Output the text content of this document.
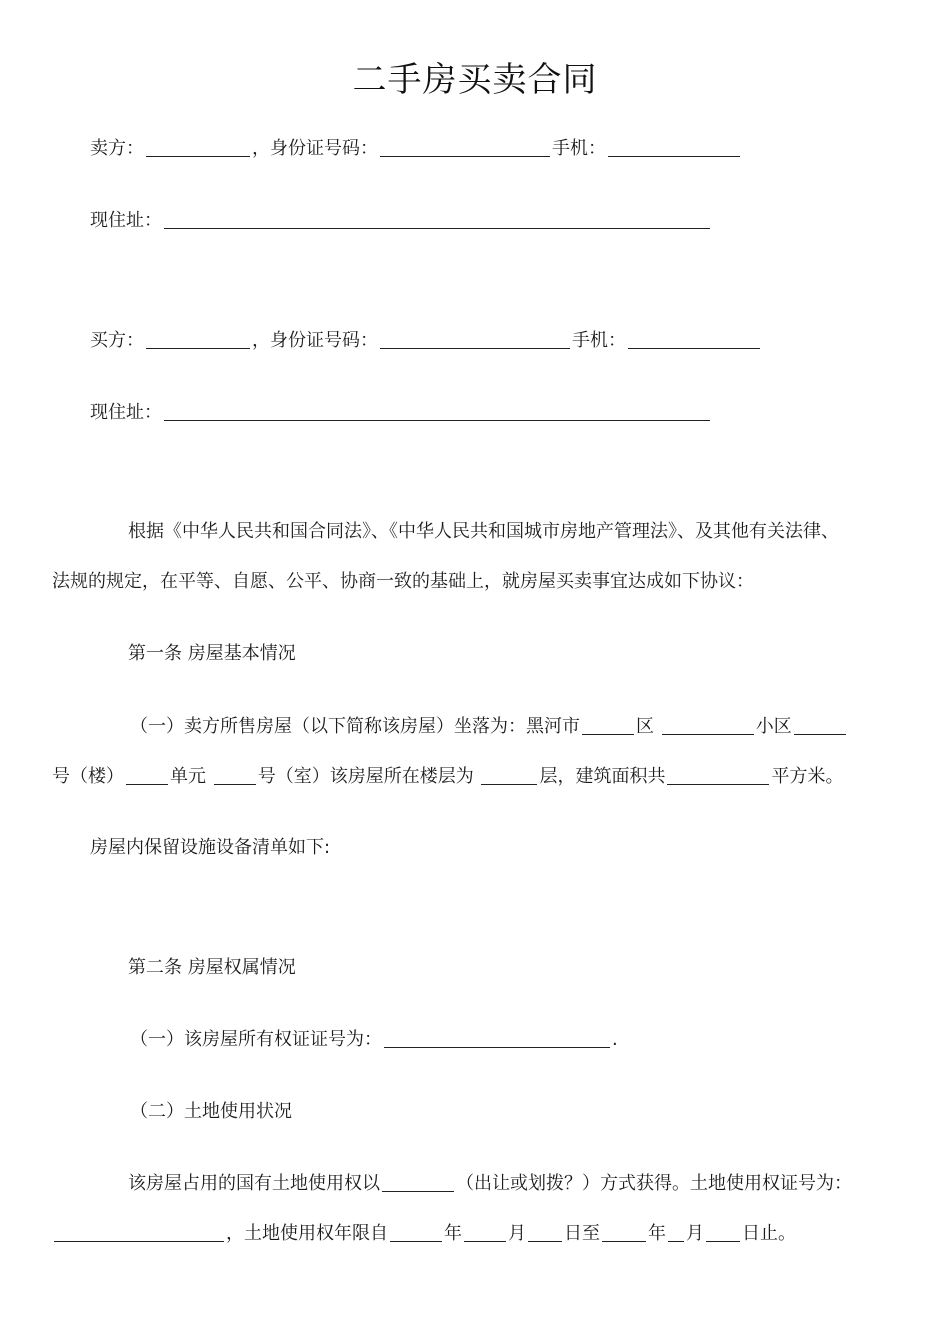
二手房买卖合同
卖方：	，身份证号码：	手机：
现住址：
买方：	，身份证号码：	手机：
现住址：
根据《中华人民共和国合同法》、《中华人民共和国城市房地产管理法》、及其他有关法律、
法规的规定，在平等、自愿、公平、协商一致的基础上，就房屋买卖事宜达成如下协议：
第一条 房屋基本情况
（一）卖方所售房屋（以下简称该房屋）坐落为：黑河市	区	小区
号（楼）	单元	号（室）该房屋所在楼层为	层，建筑面积共	平方米。
房屋内保留设施设备清单如下:
第二条 房屋权属情况
（一）该房屋所有权证证号为：	.
（二）土地使用状况
该房屋占用的国有土地使用权以	（出让或划拨？）方式获得。土地使用权证号为：
，土地使用权年限自	年	月 日至	年 月 日止。
